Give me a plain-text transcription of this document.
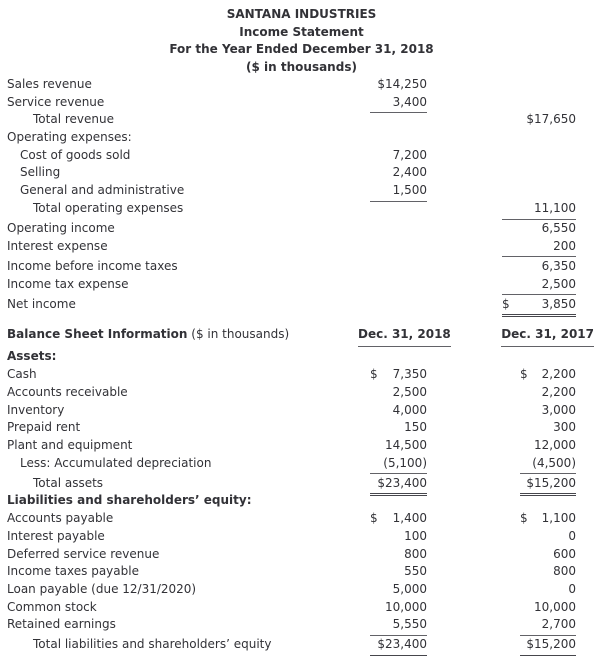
SANTANA INDUSTRIES
Income Statement
For the Year Ended December 31, 2018
($ in thousands)
Sales revenue	$14,250
Service revenue	3,400
Total revenue	$17,650
Operating expenses:
Cost of goods sold	7,200
Selling	2,400
General and administrative	1,500
Total operating expenses	11,100
Operating income	6,550
Interest expense	200
Income before income taxes	6,350
Income tax expense	2,500
Net income	$	3,850
Balance Sheet Information ($ in thousands)	Dec. 31, 2018	Dec. 31, 2017
Assets:
Cash	$ 7,350	$ 2,200
Accounts receivable	2,500	2,200
Inventory	4,000	3,000
Prepaid rent	150	300
Plant and equipment	14,500	12,000
Less: Accumulated depreciation	(5,100)	(4,500)
Total assets	$23,400	$15,200
Liabilities and shareholders’ equity:
Accounts payable	$ 1,400	$ 1,100
Interest payable	100	0
Deferred service revenue	800	600
Income taxes payable	550	800
Loan payable (due 12/31/2020)	5,000	0
Common stock	10,000	10,000
Retained earnings	5,550	2,700
Total liabilities and shareholders’ equity	$23,400	$15,200
